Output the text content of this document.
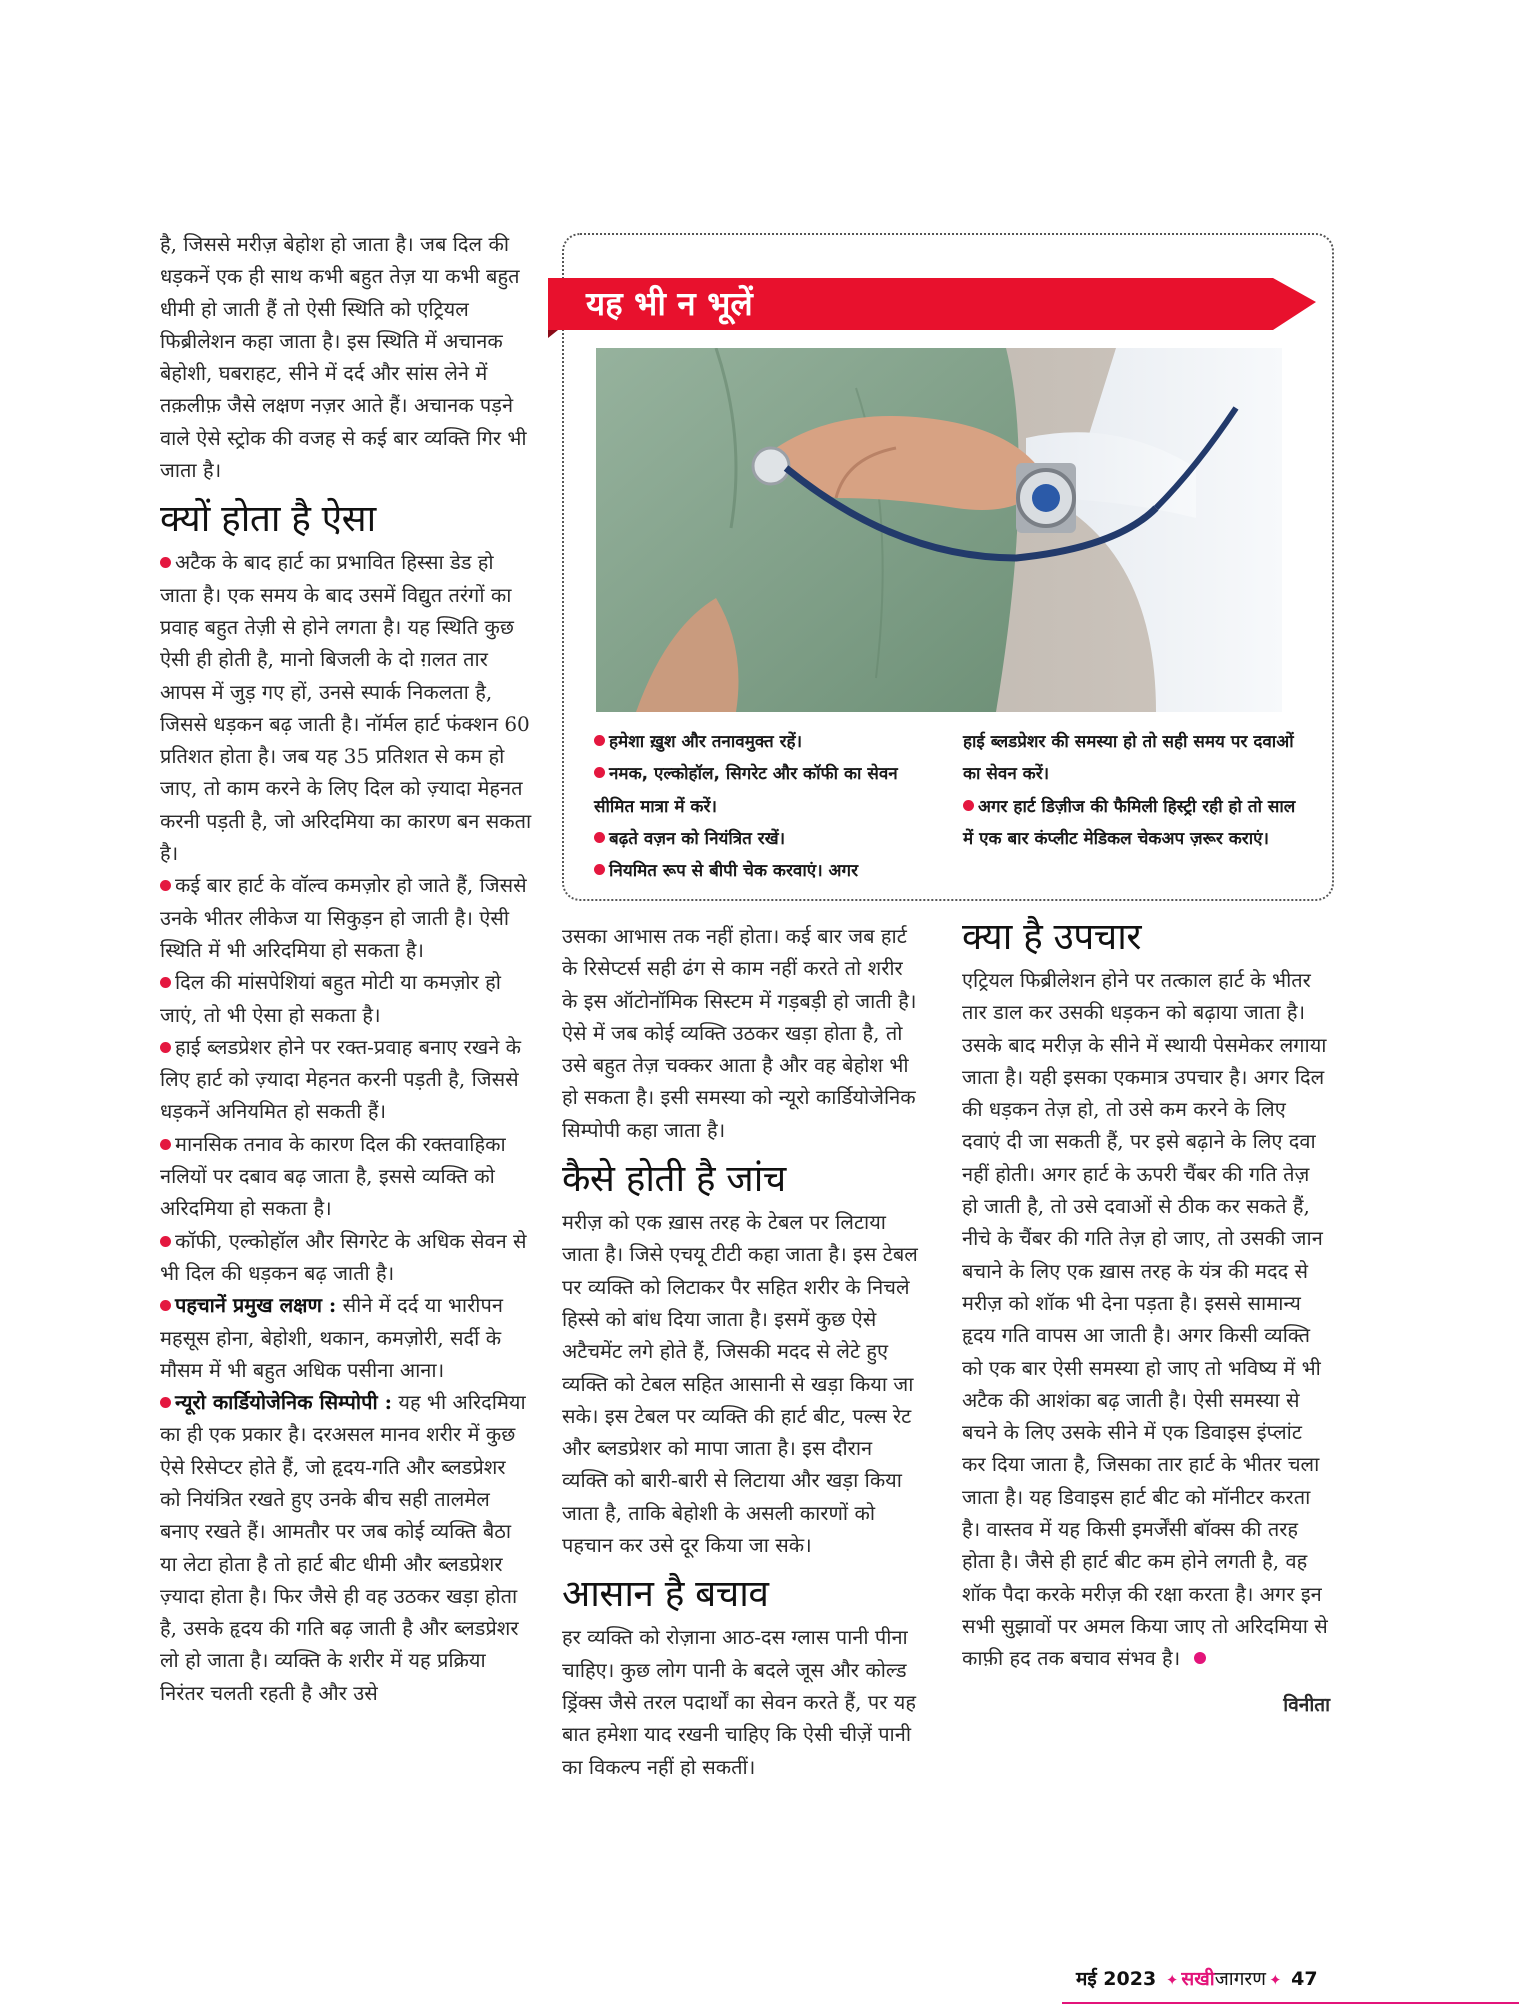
है, जिससे मरीज़ बेहोश हो जाता है। जब दिल की धड़कनें एक ही साथ कभी बहुत तेज़ या कभी बहुत धीमी हो जाती हैं तो ऐसी स्थिति को एट्रियल फिब्रीलेशन कहा जाता है। इस स्थिति में अचानक बेहोशी, घबराहट, सीने में दर्द और सांस लेने में तक़लीफ़ जैसे लक्षण नज़र आते हैं। अचानक पड़ने वाले ऐसे स्ट्रोक की वजह से कई बार व्यक्ति गिर भी जाता है।

क्यों होता है ऐसा

अटैक के बाद हार्ट का प्रभावित हिस्सा डेड हो जाता है। एक समय के बाद उसमें विद्युत तरंगों का प्रवाह बहुत तेज़ी से होने लगता है। यह स्थिति कुछ ऐसी ही होती है, मानो बिजली के दो ग़लत तार आपस में जुड़ गए हों, उनसे स्पार्क निकलता है, जिससे धड़कन बढ़ जाती है। नॉर्मल हार्ट फंक्शन 60 प्रतिशत होता है। जब यह 35 प्रतिशत से कम हो जाए, तो काम करने के लिए दिल को ज़्यादा मेहनत करनी पड़ती है, जो अरिदमिया का कारण बन सकता है।

कई बार हार्ट के वॉल्व कमज़ोर हो जाते हैं, जिससे उनके भीतर लीकेज या सिकुड़न हो जाती है। ऐसी स्थिति में भी अरिदमिया हो सकता है।

दिल की मांसपेशियां बहुत मोटी या कमज़ोर हो जाएं, तो भी ऐसा हो सकता है।

हाई ब्लडप्रेशर होने पर रक्त-प्रवाह बनाए रखने के लिए हार्ट को ज़्यादा मेहनत करनी पड़ती है, जिससे धड़कनें अनियमित हो सकती हैं।

मानसिक तनाव के कारण दिल की रक्तवाहिका नलियों पर दबाव बढ़ जाता है, इससे व्यक्ति को अरिदमिया हो सकता है।

कॉफी, एल्कोहॉल और सिगरेट के अधिक सेवन से भी दिल की धड़कन बढ़ जाती है।

पहचानें प्रमुख लक्षण : सीने में दर्द या भारीपन महसूस होना, बेहोशी, थकान, कमज़ोरी, सर्दी के मौसम में भी बहुत अधिक पसीना आना।

न्यूरो कार्डियोजेनिक सिम्पोपी : यह भी अरिदमिया का ही एक प्रकार है। दरअसल मानव शरीर में कुछ ऐसे रिसेप्टर होते हैं, जो हृदय-गति और ब्लडप्रेशर को नियंत्रित रखते हुए उनके बीच सही तालमेल बनाए रखते हैं। आमतौर पर जब कोई व्यक्ति बैठा या लेटा होता है तो हार्ट बीट धीमी और ब्लडप्रेशर ज़्यादा होता है। फिर जैसे ही वह उठकर खड़ा होता है, उसके हृदय की गति बढ़ जाती है और ब्लडप्रेशर लो हो जाता है। व्यक्ति के शरीर में यह प्रक्रिया निरंतर चलती रहती है और उसे

यह भी न भूलें

हमेशा ख़ुश और तनावमुक्त रहें।

नमक, एल्कोहॉल, सिगरेट और कॉफी का सेवन सीमित मात्रा में करें।

बढ़ते वज़न को नियंत्रित रखें।

नियमित रूप से बीपी चेक करवाएं। अगर

हाई ब्लडप्रेशर की समस्या हो तो सही समय पर दवाओं का सेवन करें।

अगर हार्ट डिज़ीज की फैमिली हिस्ट्री रही हो तो साल में एक बार कंप्लीट मेडिकल चेकअप ज़रूर कराएं।

उसका आभास तक नहीं होता। कई बार जब हार्ट के रिसेप्टर्स सही ढंग से काम नहीं करते तो शरीर के इस ऑटोनॉमिक सिस्टम में गड़बड़ी हो जाती है। ऐसे में जब कोई व्यक्ति उठकर खड़ा होता है, तो उसे बहुत तेज़ चक्कर आता है और वह बेहोश भी हो सकता है। इसी समस्या को न्यूरो कार्डियोजेनिक सिम्पोपी कहा जाता है।

कैसे होती है जांच

मरीज़ को एक ख़ास तरह के टेबल पर लिटाया जाता है। जिसे एचयू टीटी कहा जाता है। इस टेबल पर व्यक्ति को लिटाकर पैर सहित शरीर के निचले हिस्से को बांध दिया जाता है। इसमें कुछ ऐसे अटैचमेंट लगे होते हैं, जिसकी मदद से लेटे हुए व्यक्ति को टेबल सहित आसानी से खड़ा किया जा सके। इस टेबल पर व्यक्ति की हार्ट बीट, पल्स रेट और ब्लडप्रेशर को मापा जाता है। इस दौरान व्यक्ति को बारी-बारी से लिटाया और खड़ा किया जाता है, ताकि बेहोशी के असली कारणों को पहचान कर उसे दूर किया जा सके।

आसान है बचाव

हर व्यक्ति को रोज़ाना आठ-दस ग्लास पानी पीना चाहिए। कुछ लोग पानी के बदले जूस और कोल्ड ड्रिंक्स जैसे तरल पदार्थों का सेवन करते हैं, पर यह बात हमेशा याद रखनी चाहिए कि ऐसी चीज़ें पानी का विकल्प नहीं हो सकतीं।

क्या है उपचार

एट्रियल फिब्रीलेशन होने पर तत्काल हार्ट के भीतर तार डाल कर उसकी धड़कन को बढ़ाया जाता है। उसके बाद मरीज़ के सीने में स्थायी पेसमेकर लगाया जाता है। यही इसका एकमात्र उपचार है। अगर दिल की धड़कन तेज़ हो, तो उसे कम करने के लिए दवाएं दी जा सकती हैं, पर इसे बढ़ाने के लिए दवा नहीं होती। अगर हार्ट के ऊपरी चैंबर की गति तेज़ हो जाती है, तो उसे दवाओं से ठीक कर सकते हैं, नीचे के चैंबर की गति तेज़ हो जाए, तो उसकी जान बचाने के लिए एक ख़ास तरह के यंत्र की मदद से मरीज़ को शॉक भी देना पड़ता है। इससे सामान्य हृदय गति वापस आ जाती है। अगर किसी व्यक्ति को एक बार ऐसी समस्या हो जाए तो भविष्य में भी अटैक की आशंका बढ़ जाती है। ऐसी समस्या से बचने के लिए उसके सीने में एक डिवाइस इंप्लांट कर दिया जाता है, जिसका तार हार्ट के भीतर चला जाता है। यह डिवाइस हार्ट बीट को मॉनीटर करता है। वास्तव में यह किसी इमर्जेंसी बॉक्स की तरह होता है। जैसे ही हार्ट बीट कम होने लगती है, वह शॉक पैदा करके मरीज़ की रक्षा करता है। अगर इन सभी सुझावों पर अमल किया जाए तो अरिदमिया से काफ़ी हद तक बचाव संभव है।

विनीता
मई 2023 ✦ सखीजागरण ✦ 47
